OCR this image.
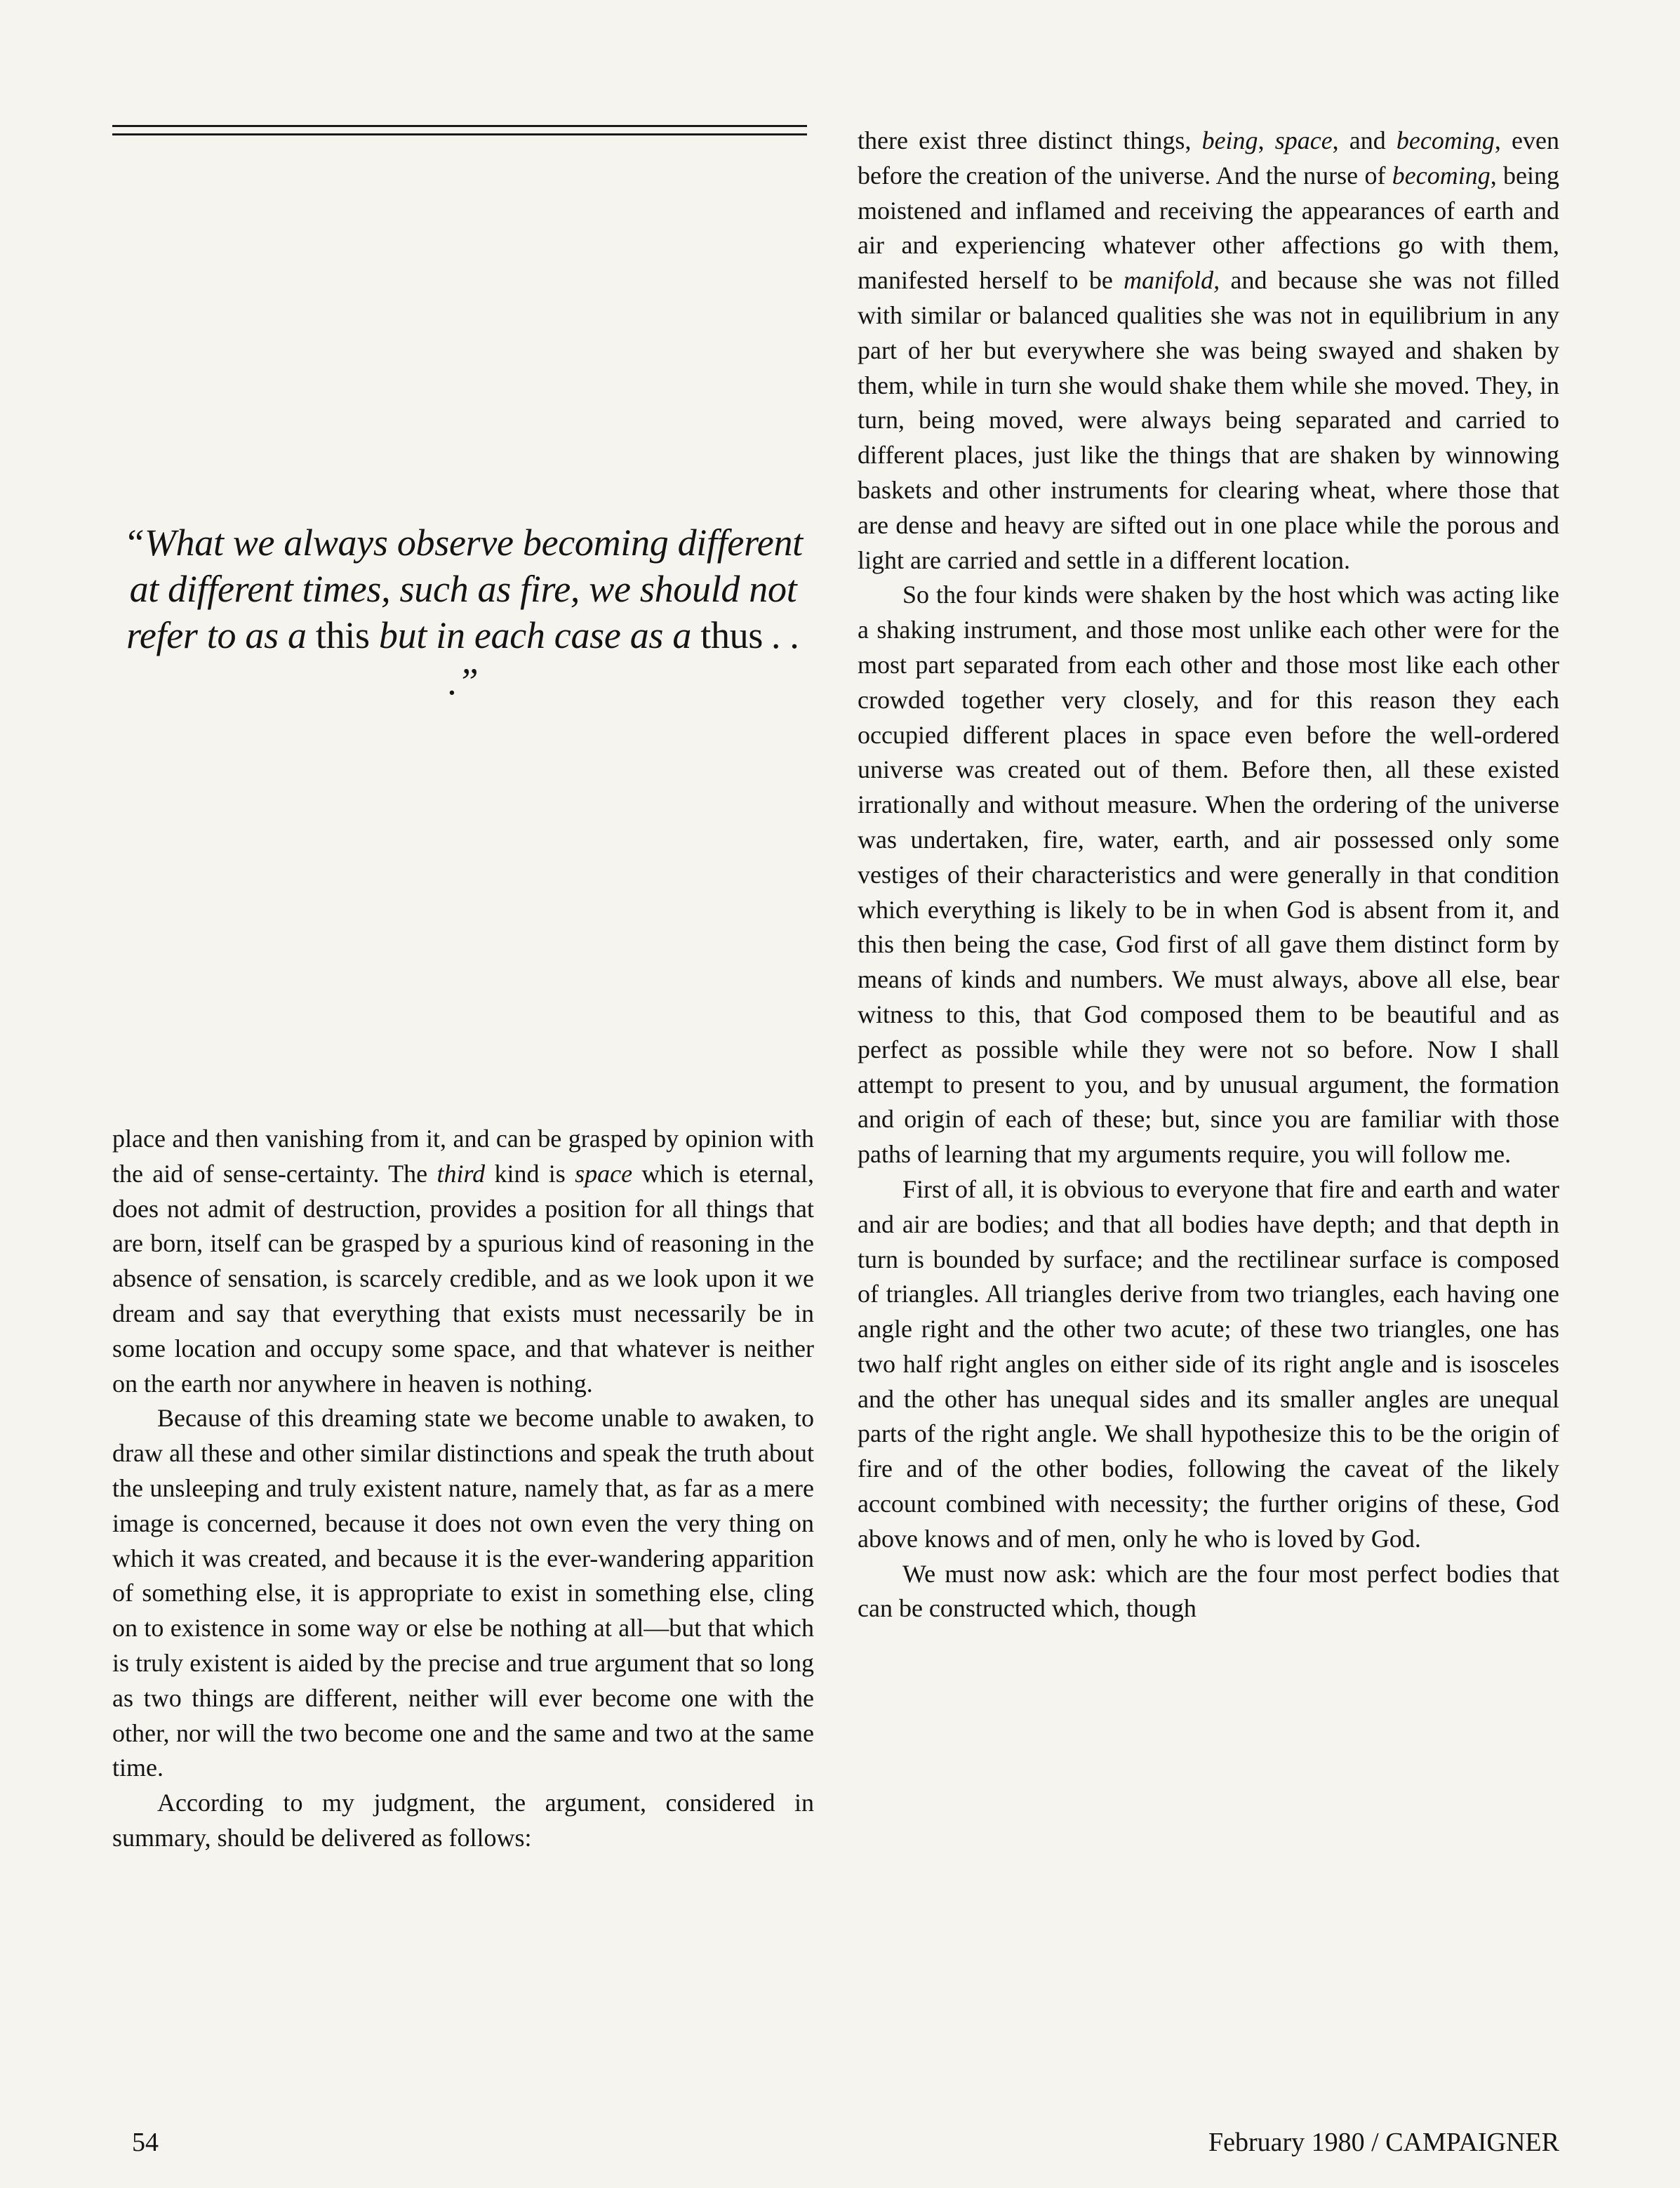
“What we always observe becoming different at different times, such as fire, we should not refer to as a this but in each case as a thus . . .”

place and then vanishing from it, and can be grasped by opinion with the aid of sense-certainty. The third kind is space which is eternal, does not admit of destruction, provides a position for all things that are born, itself can be grasped by a spurious kind of reasoning in the absence of sensation, is scarcely credible, and as we look upon it we dream and say that everything that exists must necessarily be in some location and occupy some space, and that whatever is neither on the earth nor anywhere in heaven is nothing.

Because of this dreaming state we become unable to awaken, to draw all these and other similar distinctions and speak the truth about the unsleeping and truly existent nature, namely that, as far as a mere image is concerned, because it does not own even the very thing on which it was created, and because it is the ever-wandering apparition of something else, it is appropriate to exist in something else, cling on to existence in some way or else be nothing at all—but that which is truly existent is aided by the precise and true argument that so long as two things are different, neither will ever become one with the other, nor will the two become one and the same and two at the same time.

According to my judgment, the argument, considered in summary, should be delivered as follows:

there exist three distinct things, being, space, and becoming, even before the creation of the universe. And the nurse of becoming, being moistened and inflamed and receiving the appearances of earth and air and experiencing whatever other affections go with them, manifested herself to be manifold, and because she was not filled with similar or balanced qualities she was not in equilibrium in any part of her but everywhere she was being swayed and shaken by them, while in turn she would shake them while she moved. They, in turn, being moved, were always being separated and carried to different places, just like the things that are shaken by winnowing baskets and other instruments for clearing wheat, where those that are dense and heavy are sifted out in one place while the porous and light are carried and settle in a different location.

So the four kinds were shaken by the host which was acting like a shaking instrument, and those most unlike each other were for the most part separated from each other and those most like each other crowded together very closely, and for this reason they each occupied different places in space even before the well-ordered universe was created out of them. Before then, all these existed irrationally and without measure. When the ordering of the universe was undertaken, fire, water, earth, and air possessed only some vestiges of their characteristics and were generally in that condition which everything is likely to be in when God is absent from it, and this then being the case, God first of all gave them distinct form by means of kinds and numbers. We must always, above all else, bear witness to this, that God composed them to be beautiful and as perfect as possible while they were not so before. Now I shall attempt to present to you, and by unusual argument, the formation and origin of each of these; but, since you are familiar with those paths of learning that my arguments require, you will follow me.

First of all, it is obvious to everyone that fire and earth and water and air are bodies; and that all bodies have depth; and that depth in turn is bounded by surface; and the rectilinear surface is composed of triangles. All triangles derive from two triangles, each having one angle right and the other two acute; of these two triangles, one has two half right angles on either side of its right angle and is isosceles and the other has unequal sides and its smaller angles are unequal parts of the right angle. We shall hypothesize this to be the origin of fire and of the other bodies, following the caveat of the likely account combined with necessity; the further origins of these, God above knows and of men, only he who is loved by God.

We must now ask: which are the four most perfect bodies that can be constructed which, though

54	February 1980 / CAMPAIGNER
